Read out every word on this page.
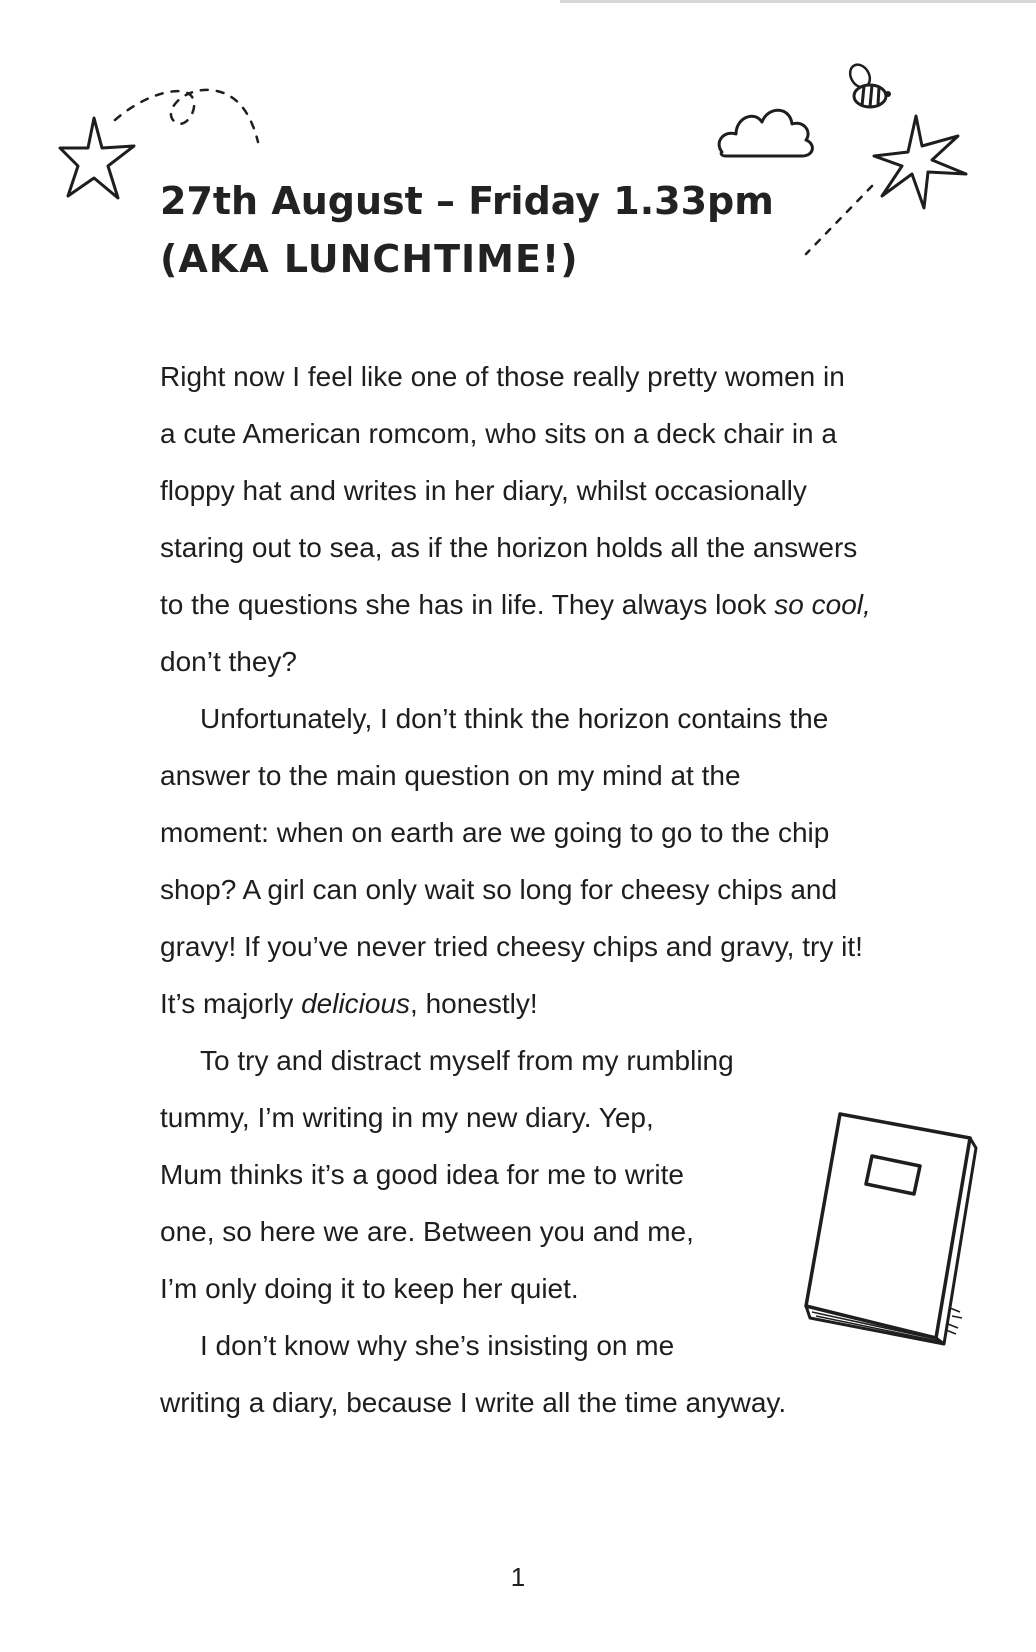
27th August – Friday 1.33pm
(AKA LUNCHTIME!)
Right now I feel like one of those really pretty women in
a cute American romcom, who sits on a deck chair in a
floppy hat and writes in her diary, whilst occasionally
staring out to sea, as if the horizon holds all the answers
to the questions she has in life. They always look so cool,
don’t they?
Unfortunately, I don’t think the horizon contains the
answer to the main question on my mind at the
moment: when on earth are we going to go to the chip
shop? A girl can only wait so long for cheesy chips and
gravy! If you’ve never tried cheesy chips and gravy, try it!
It’s majorly delicious, honestly!
To try and distract myself from my rumbling
tummy, I’m writing in my new diary. Yep,
Mum thinks it’s a good idea for me to write
one, so here we are. Between you and me,
I’m only doing it to keep her quiet.
I don’t know why she’s insisting on me
writing a diary, because I write all the time anyway.
1
